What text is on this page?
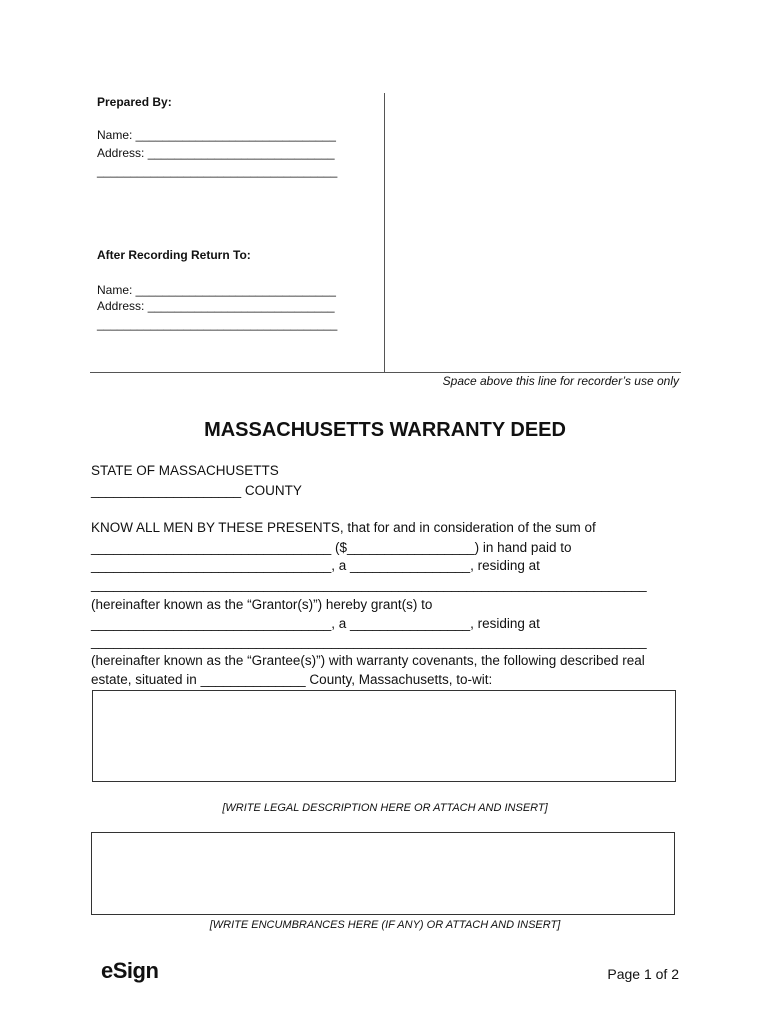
Prepared By:
Name: ______________________________
Address: ____________________________
____________________________________
After Recording Return To:
Name: ______________________________
Address: ____________________________
____________________________________
Space above this line for recorder’s use only
MASSACHUSETTS WARRANTY DEED
STATE OF MASSACHUSETTS
____________________ COUNTY
KNOW ALL MEN BY THESE PRESENTS, that for and in consideration of the sum of
________________________________ ($_________________) in hand paid to
________________________________, a ________________, residing at
__________________________________________________________________________
(hereinafter known as the “Grantor(s)”) hereby grant(s) to
________________________________, a ________________, residing at
__________________________________________________________________________
(hereinafter known as the “Grantee(s)”) with warranty covenants, the following described real
estate, situated in ______________ County, Massachusetts, to-wit:
[WRITE LEGAL DESCRIPTION HERE OR ATTACH AND INSERT]
[WRITE ENCUMBRANCES HERE (IF ANY) OR ATTACH AND INSERT]
eSign	Page 1 of 2
